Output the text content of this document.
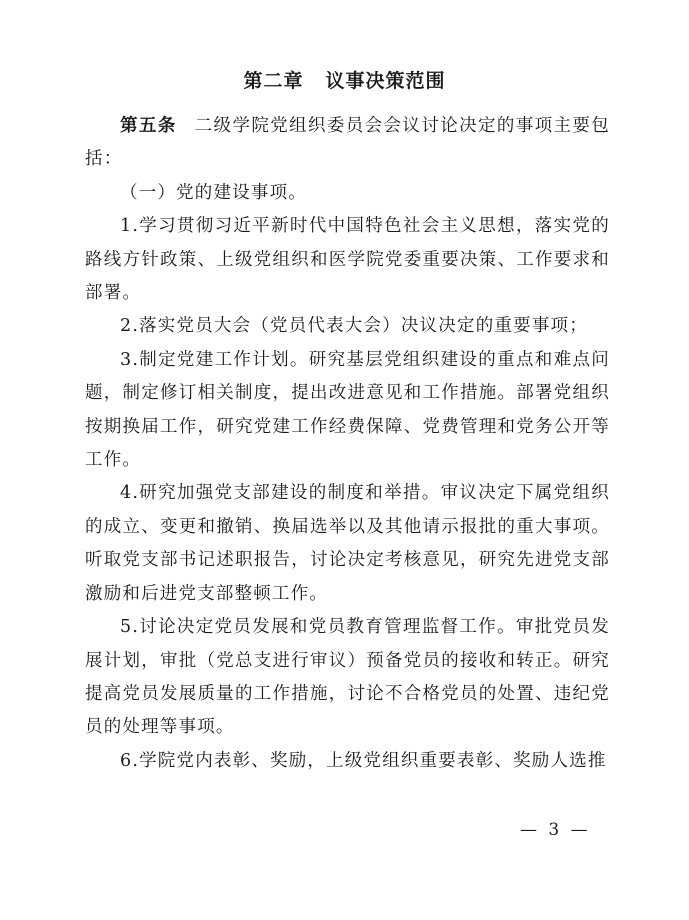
第二章 议事决策范围

第五条 二级学院党组织委员会会议讨论决定的事项主要包括：

（一）党的建设事项。

1.学习贯彻习近平新时代中国特色社会主义思想，落实党的路线方针政策、上级党组织和医学院党委重要决策、工作要求和部署。

2.落实党员大会（党员代表大会）决议决定的重要事项；

3.制定党建工作计划。研究基层党组织建设的重点和难点问题，制定修订相关制度，提出改进意见和工作措施。部署党组织按期换届工作，研究党建工作经费保障、党费管理和党务公开等工作。

4.研究加强党支部建设的制度和举措。审议决定下属党组织的成立、变更和撤销、换届选举以及其他请示报批的重大事项。听取党支部书记述职报告，讨论决定考核意见，研究先进党支部激励和后进党支部整顿工作。

5.讨论决定党员发展和党员教育管理监督工作。审批党员发展计划，审批（党总支进行审议）预备党员的接收和转正。研究提高党员发展质量的工作措施，讨论不合格党员的处置、违纪党员的处理等事项。

6.学院党内表彰、奖励，上级党组织重要表彰、奖励人选推

— 3 —
